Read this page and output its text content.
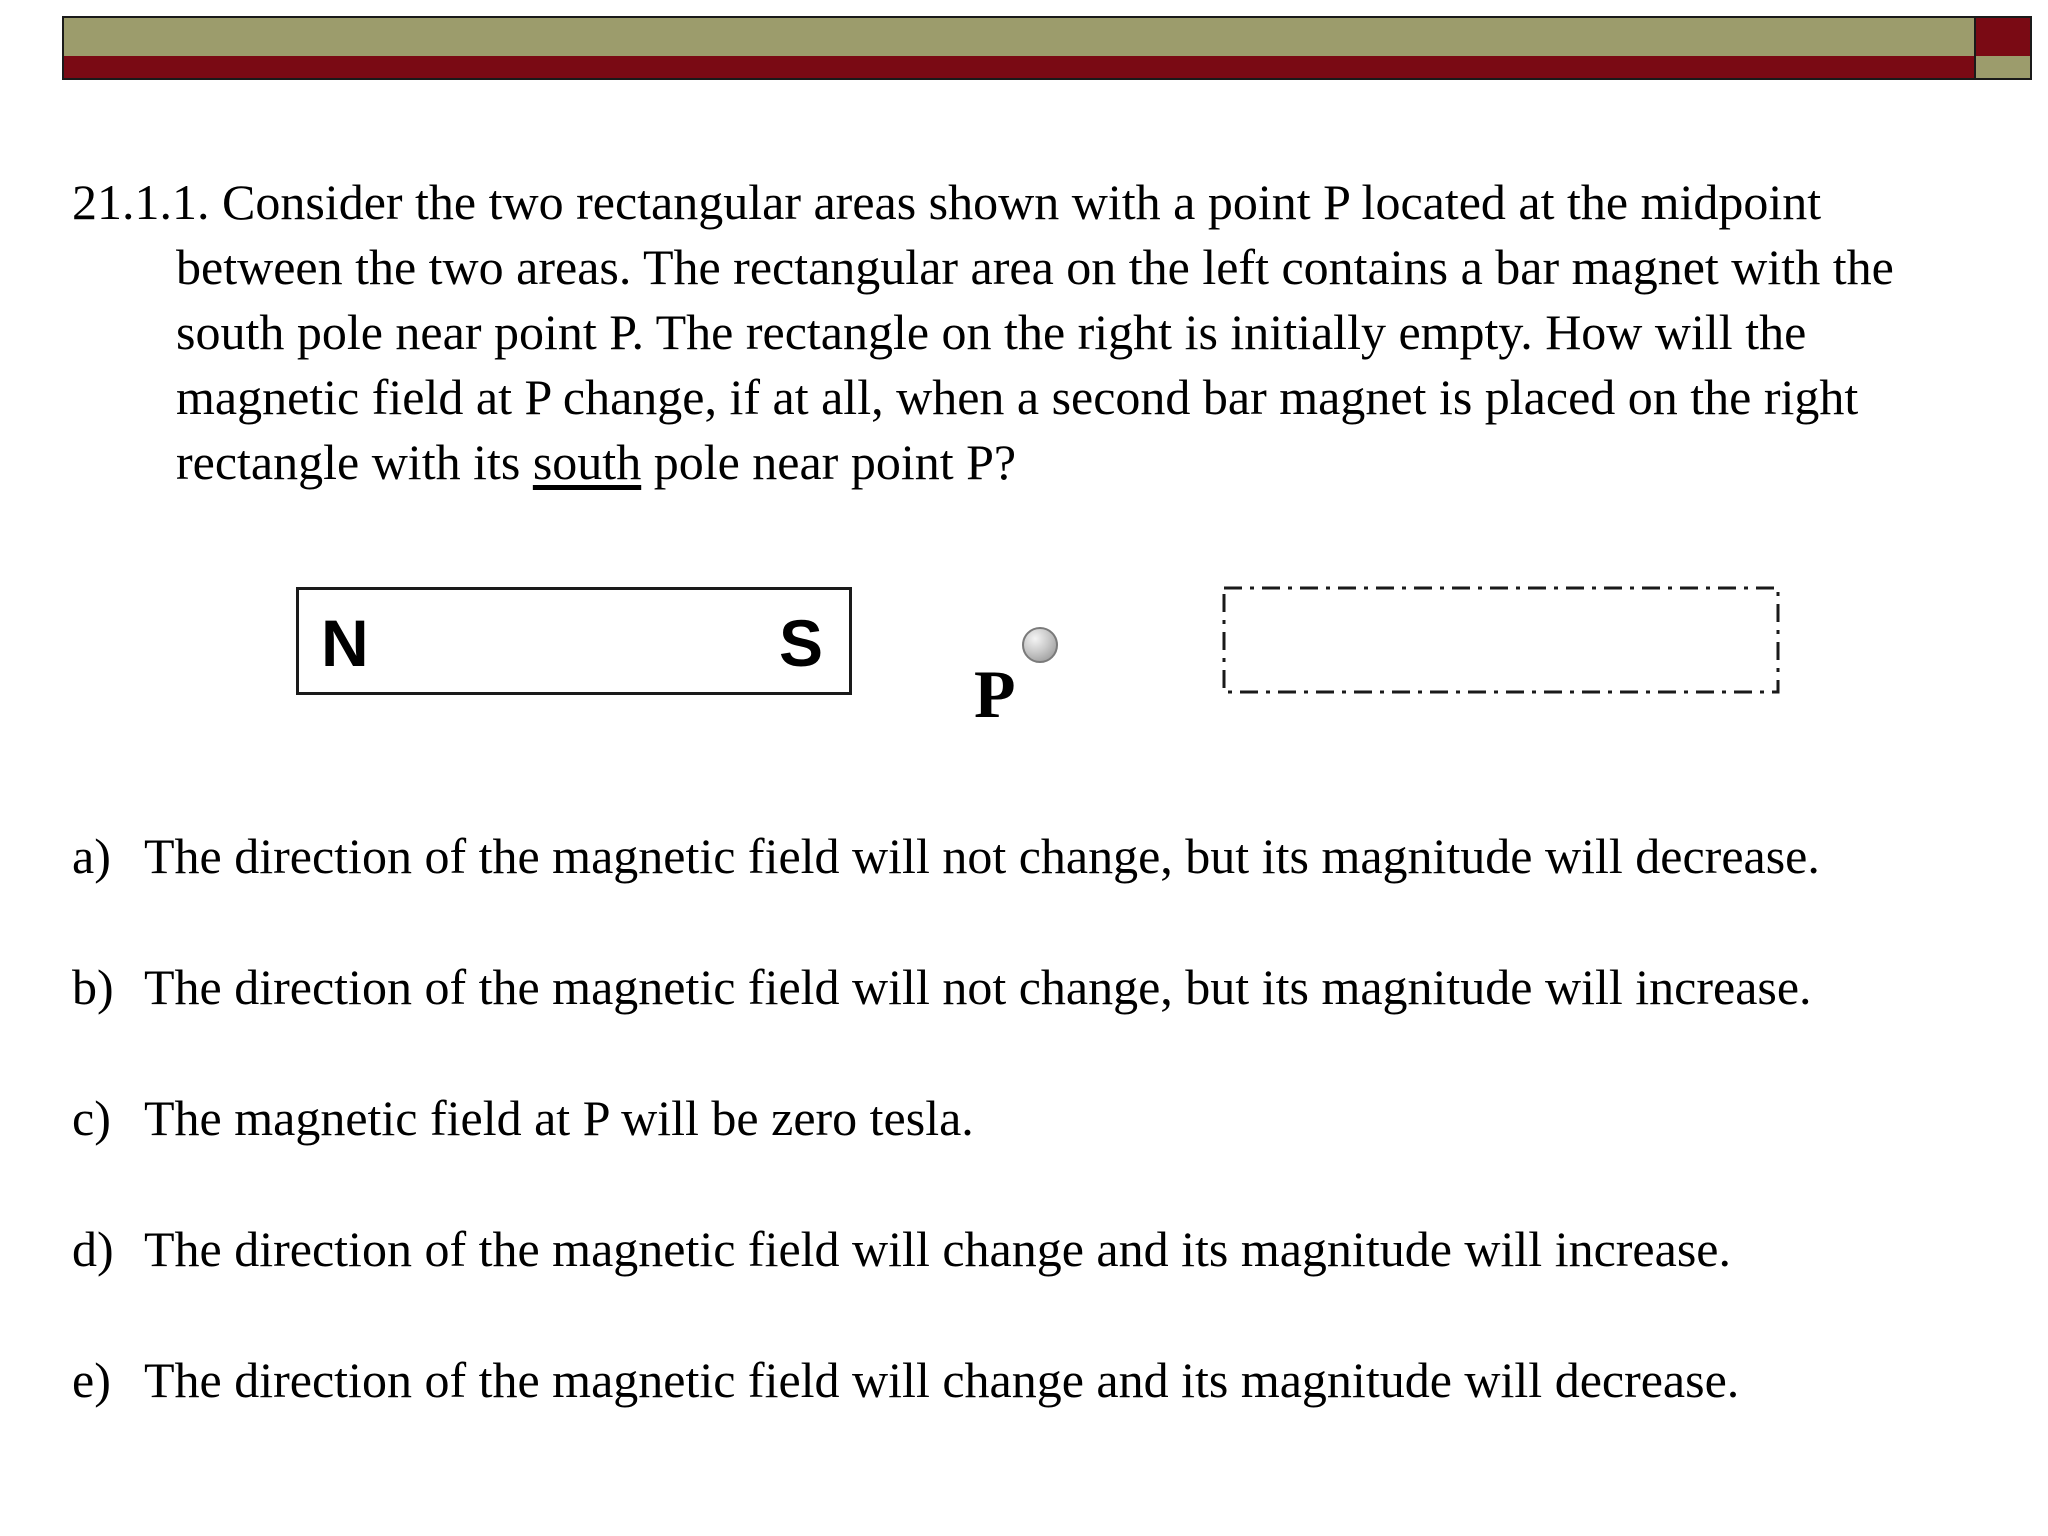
21.1.1. Consider the two rectangular areas shown with a point P located at the midpoint between the two areas. The rectangular area on the left contains a bar magnet with the south pole near point P. The rectangle on the right is initially empty. How will the magnetic field at P change, if at all, when a second bar magnet is placed on the right rectangle with its south pole near point P?
N	S
P
a) The direction of the magnetic field will not change, but its magnitude will decrease.
b) The direction of the magnetic field will not change, but its magnitude will increase.
c) The magnetic field at P will be zero tesla.
d) The direction of the magnetic field will change and its magnitude will increase.
e) The direction of the magnetic field will change and its magnitude will decrease.
